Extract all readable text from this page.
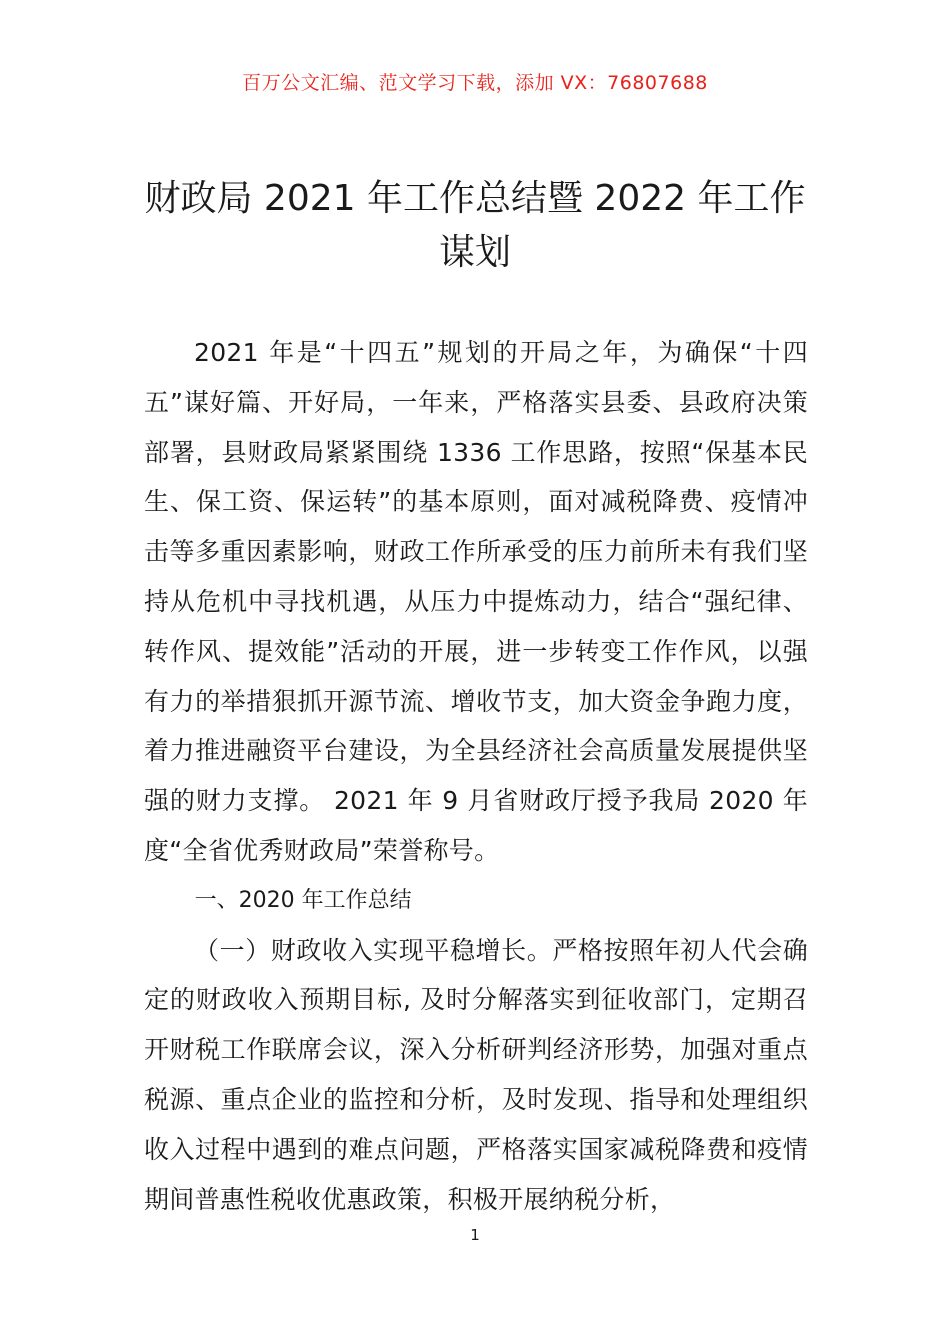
百万公文汇编、范文学习下载，添加 VX：76807688
财政局 2021 年工作总结暨 2022 年工作谋划

2021 年是“十四五”规划的开局之年，为确保“十四五”谋好篇、开好局，一年来，严格落实县委、县政府决策部署，县财政局紧紧围绕 1336 工作思路，按照“保基本民生、保工资、保运转”的基本原则，面对减税降费、疫情冲击等多重因素影响，财政工作所承受的压力前所未有我们坚持从危机中寻找机遇，从压力中提炼动力，结合“强纪律、转作风、提效能”活动的开展，进一步转变工作作风，以强有力的举措狠抓开源节流、增收节支，加大资金争跑力度，着力推进融资平台建设，为全县经济社会高质量发展提供坚强的财力支撑。 2021 年 9 月省财政厅授予我局 2020 年度“全省优秀财政局”荣誉称号。

一、2020 年工作总结

（一）财政收入实现平稳增长。严格按照年初人代会确定的财政收入预期目标, 及时分解落实到征收部门，定期召开财税工作联席会议，深入分析研判经济形势，加强对重点税源、重点企业的监控和分析，及时发现、指导和处理组织收入过程中遇到的难点问题，严格落实国家减税降费和疫情期间普惠性税收优惠政策，积极开展纳税分析，

1
